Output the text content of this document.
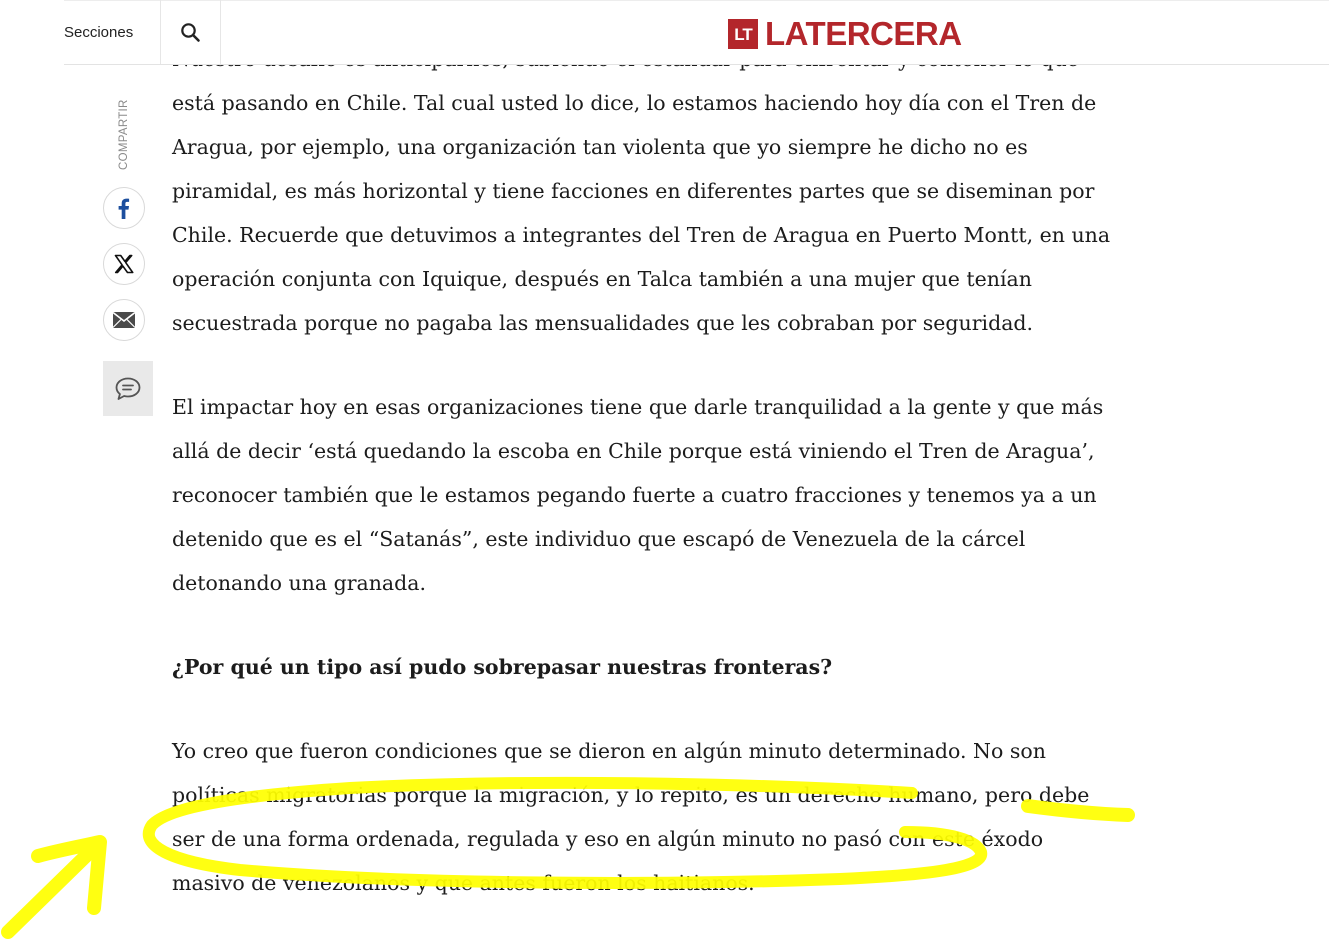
está pasando en Chile. Tal cual usted lo dice, lo estamos haciendo hoy día con el Tren de

Aragua, por ejemplo, una organización tan violenta que yo siempre he dicho no es

piramidal, es más horizontal y tiene facciones en diferentes partes que se diseminan por

Chile. Recuerde que detuvimos a integrantes del Tren de Aragua en Puerto Montt, en una

operación conjunta con Iquique, después en Talca también a una mujer que tenían

secuestrada porque no pagaba las mensualidades que les cobraban por seguridad.

El impactar hoy en esas organizaciones tiene que darle tranquilidad a la gente y que más

allá de decir ‘está quedando la escoba en Chile porque está viniendo el Tren de Aragua’,

reconocer también que le estamos pegando fuerte a cuatro fracciones y tenemos ya a un

detenido que es el “Satanás”, este individuo que escapó de Venezuela de la cárcel

detonando una granada.

¿Por qué un tipo así pudo sobrepasar nuestras fronteras?

Yo creo que fueron condiciones que se dieron en algún minuto determinado. No son

políticas migratorias porque la migración, y lo repito, es un derecho humano, pero debe

ser de una forma ordenada, regulada y eso en algún minuto no pasó con este éxodo

masivo de venezolanos y que antes fueron los haitianos.

Secciones	LT LATERCERA
COMPARTIR
